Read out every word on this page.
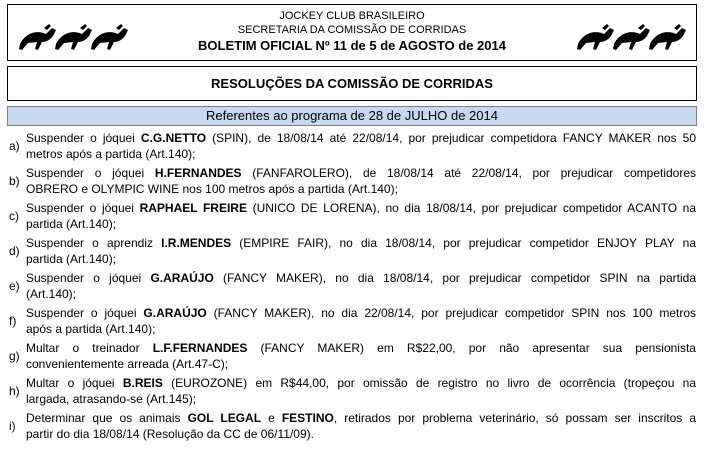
JOCKEY CLUB BRASILEIRO
SECRETARIA DA COMISSÃO DE CORRIDAS
BOLETIM OFICIAL Nº 11 de 5 de AGOSTO de 2014
RESOLUÇÕES DA COMISSÃO DE CORRIDAS
Referentes ao programa de 28 de JULHO de 2014
a)
Suspender o jóquei C.G.NETTO (SPIN), de 18/08/14 até 22/08/14, por prejudicar competidora FANCY MAKER nos 50
metros após a partida (Art.140);
b)
Suspender o jóquei H.FERNANDES (FANFAROLERO), de 18/08/14 até 22/08/14, por prejudicar competidores
OBRERO e OLYMPIC WINE nos 100 metros após a partida (Art.140);
c)
Suspender o jóquei RAPHAEL FREIRE (UNICO DE LORENA), no dia 18/08/14, por prejudicar competidor ACANTO na
partida (Art.140);
d)
Suspender o aprendiz I.R.MENDES (EMPIRE FAIR), no dia 18/08/14, por prejudicar competidor ENJOY PLAY na
partida (Art.140);
e)
Suspender o jóquei G.ARAÚJO (FANCY MAKER), no dia 18/08/14, por prejudicar competidor SPIN na partida
(Art.140);
f)
Suspender o jóquei G.ARAÚJO (FANCY MAKER), no dia 22/08/14, por prejudicar competidor SPIN nos 100 metros
após a partida (Art.140);
g)
Multar o treinador L.F.FERNANDES (FANCY MAKER) em R$22,00, por não apresentar sua pensionista
convenientemente arreada (Art.47-C);
h)
Multar o jóquei B.REIS (EUROZONE) em R$44,00, por omissão de registro no livro de ocorrência (tropeçou na
largada, atrasando-se (Art.145);
i)
Determinar que os animais GOL LEGAL e FESTINO, retirados por problema veterinário, só possam ser inscritos a
partir do dia 18/08/14 (Resolução da CC de 06/11/09).
